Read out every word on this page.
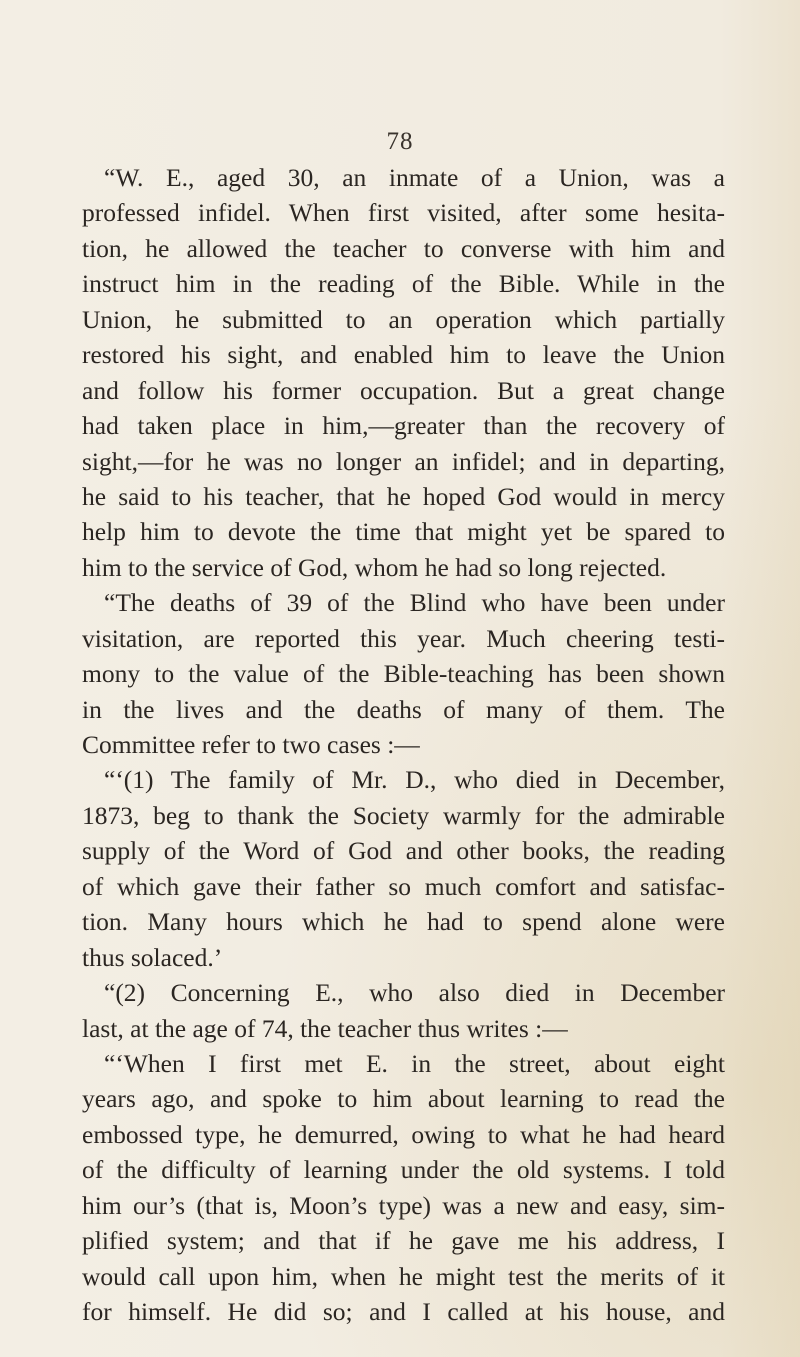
78
“W. E., aged 30, an inmate of a Union, was a
professed infidel. When first visited, after some hesita-
tion, he allowed the teacher to converse with him and
instruct him in the reading of the Bible. While in the
Union, he submitted to an operation which partially
restored his sight, and enabled him to leave the Union
and follow his former occupation. But a great change
had taken place in him,—greater than the recovery of
sight,—for he was no longer an infidel; and in departing,
he said to his teacher, that he hoped God would in mercy
help him to devote the time that might yet be spared to
him to the service of God, whom he had so long rejected.
“The deaths of 39 of the Blind who have been under
visitation, are reported this year. Much cheering testi-
mony to the value of the Bible-teaching has been shown
in the lives and the deaths of many of them. The
Committee refer to two cases :—
“‘(1) The family of Mr. D., who died in December,
1873, beg to thank the Society warmly for the admirable
supply of the Word of God and other books, the reading
of which gave their father so much comfort and satisfac-
tion. Many hours which he had to spend alone were
thus solaced.’
“(2) Concerning E., who also died in December
last, at the age of 74, the teacher thus writes :—
“‘When I first met E. in the street, about eight
years ago, and spoke to him about learning to read the
embossed type, he demurred, owing to what he had heard
of the difficulty of learning under the old systems. I told
him our’s (that is, Moon’s type) was a new and easy, sim-
plified system; and that if he gave me his address, I
would call upon him, when he might test the merits of it
for himself. He did so; and I called at his house, and
